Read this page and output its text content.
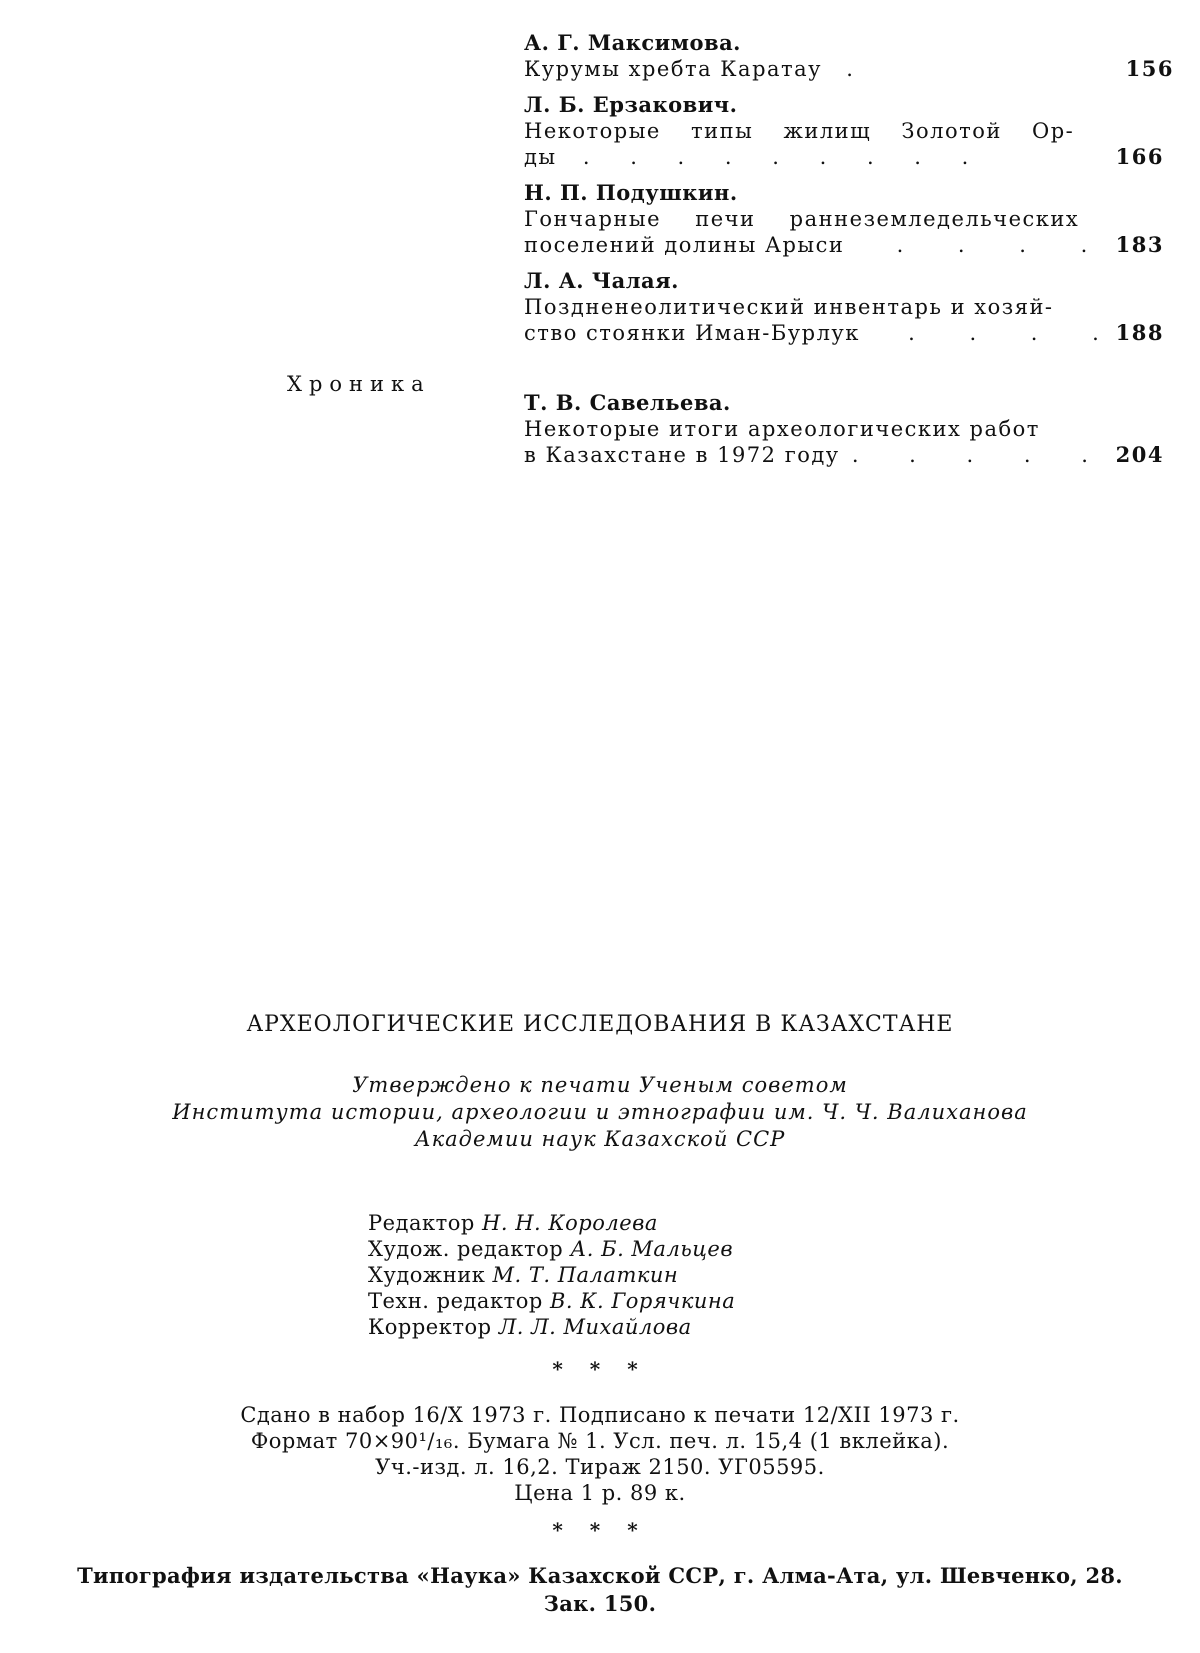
А. Г. Максимова.
Курумы хребта Каратау .	156
Л. Б. Ерзакович.
Некоторые типы жилищ Золотой Ор-
ды . . . . . . . . .	166
Н. П. Подушкин.
Гончарные печи раннеземледельческих
поселений долины Арыси . . . . 183
Л. А. Чалая.
Поздненеолитический инвентарь и хозяй-
ство стоянки Иман-Бурлук . . . .
188
Т. В. Савельева.
Некоторые итоги археологических работ
в Казахстане в 1972 году . . . . . 204
Хроника
АРХЕОЛОГИЧЕСКИЕ ИССЛЕДОВАНИЯ В КАЗАХСТАНЕ
Утверждено к печати Ученым советом
Института истории, археологии и этнографии им. Ч. Ч. Валиханова
Академии наук Казахской ССР
Редактор Н. Н. Королева
Худож. редактор А. Б. Мальцев
Художник М. Т. Палаткин
Техн. редактор В. К. Горячкина
Корректор Л. Л. Михайлова
* * *
Сдано в набор 16/X 1973 г. Подписано к печати 12/XII 1973 г.
Формат 70×90¹/₁₆. Бумага № 1. Усл. печ. л. 15,4 (1 вклейка).
Уч.-изд. л. 16,2. Тираж 2150. УГ05595.
Цена 1 р. 89 к.
* * *
Типография издательства «Наука» Казахской ССР, г. Алма-Ата, ул. Шевченко, 28.
Зак. 150.
